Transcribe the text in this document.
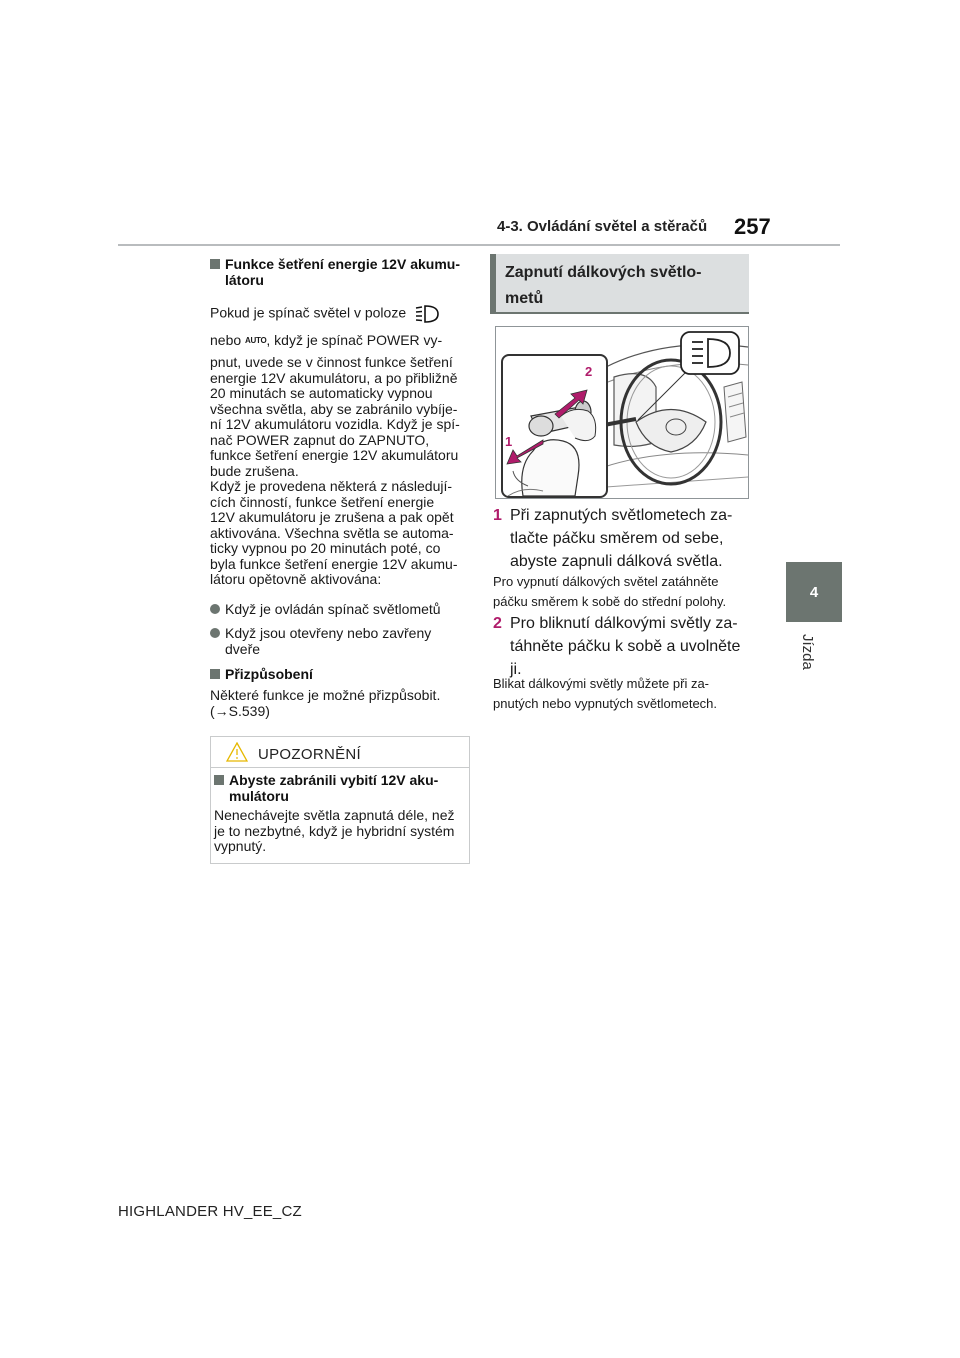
4-3. Ovládání světel a stěračů 257
4
Jízda
Funkce šetření energie 12V akumu-
látoru
Pokud je spínač světel v poloze
nebo AUTO, když je spínač POWER vy-
pnut, uvede se v činnost funkce šetření
energie 12V akumulátoru, a po přibližně
20 minutách se automaticky vypnou
všechna světla, aby se zabránilo vybíje-
ní 12V akumulátoru vozidla. Když je spí-
nač POWER zapnut do ZAPNUTO,
funkce šetření energie 12V akumulátoru
bude zrušena.
Když je provedena některá z následují-
cích činností, funkce šetření energie
12V akumulátoru je zrušena a pak opět
aktivována. Všechna světla se automa-
ticky vypnou po 20 minutách poté, co
byla funkce šetření energie 12V akumu-
látoru opětovně aktivována:
Když je ovládán spínač světlometů
Když jsou otevřeny nebo zavřeny
dveře
Přizpůsobení
Některé funkce je možné přizpůsobit.
(→S.539)
UPOZORNĚNÍ
Abyste zabránili vybití 12V aku-
mulátoru
Nenechávejte světla zapnutá déle, než
je to nezbytné, když je hybridní systém
vypnutý.
Zapnutí dálkových světlo-
metů
1
2
1 Při zapnutých světlometech za-
tlačte páčku směrem od sebe,
abyste zapnuli dálková světla.
Pro vypnutí dálkových světel zatáhněte
páčku směrem k sobě do střední polohy.
2 Pro bliknutí dálkovými světly za-
táhněte páčku k sobě a uvolněte
ji.
Blikat dálkovými světly můžete při za-
pnutých nebo vypnutých světlometech.
HIGHLANDER HV_EE_CZ
